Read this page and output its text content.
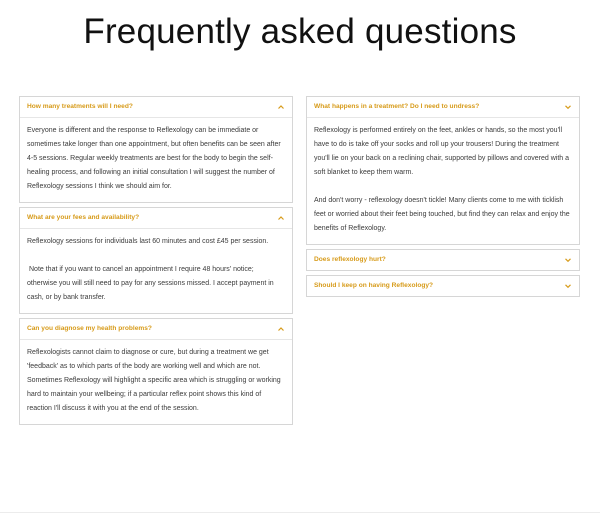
Frequently asked questions
How many treatments will I need?

Everyone is different and the response to Reflexology can be immediate or sometimes take longer than one appointment, but often benefits can be seen after 4-5 sessions. Regular weekly treatments are best for the body to begin the self-healing process, and following an initial consultation I will suggest the number of Reflexology sessions I think we should aim for.

What are your fees and availability?

Reflexology sessions for individuals last 60 minutes and cost £45 per session.

Note that if you want to cancel an appointment I require 48 hours' notice; otherwise you will still need to pay for any sessions missed. I accept payment in cash, or by bank transfer.

Can you diagnose my health problems?

Reflexologists cannot claim to diagnose or cure, but during a treatment we get 'feedback' as to which parts of the body are working well and which are not. Sometimes Reflexology will highlight a specific area which is struggling or working hard to maintain your wellbeing; if a particular reflex point shows this kind of reaction I'll discuss it with you at the end of the session.

What happens in a treatment? Do I need to undress?

Reflexology is performed entirely on the feet, ankles or hands, so the most you'll have to do is take off your socks and roll up your trousers! During the treatment you'll lie on your back on a reclining chair, supported by pillows and covered with a soft blanket to keep them warm.

And don't worry - reflexology doesn't tickle! Many clients come to me with ticklish feet or worried about their feet being touched, but find they can relax and enjoy the benefits of Reflexology.

Does reflexology hurt?
Should I keep on having Reflexology?
